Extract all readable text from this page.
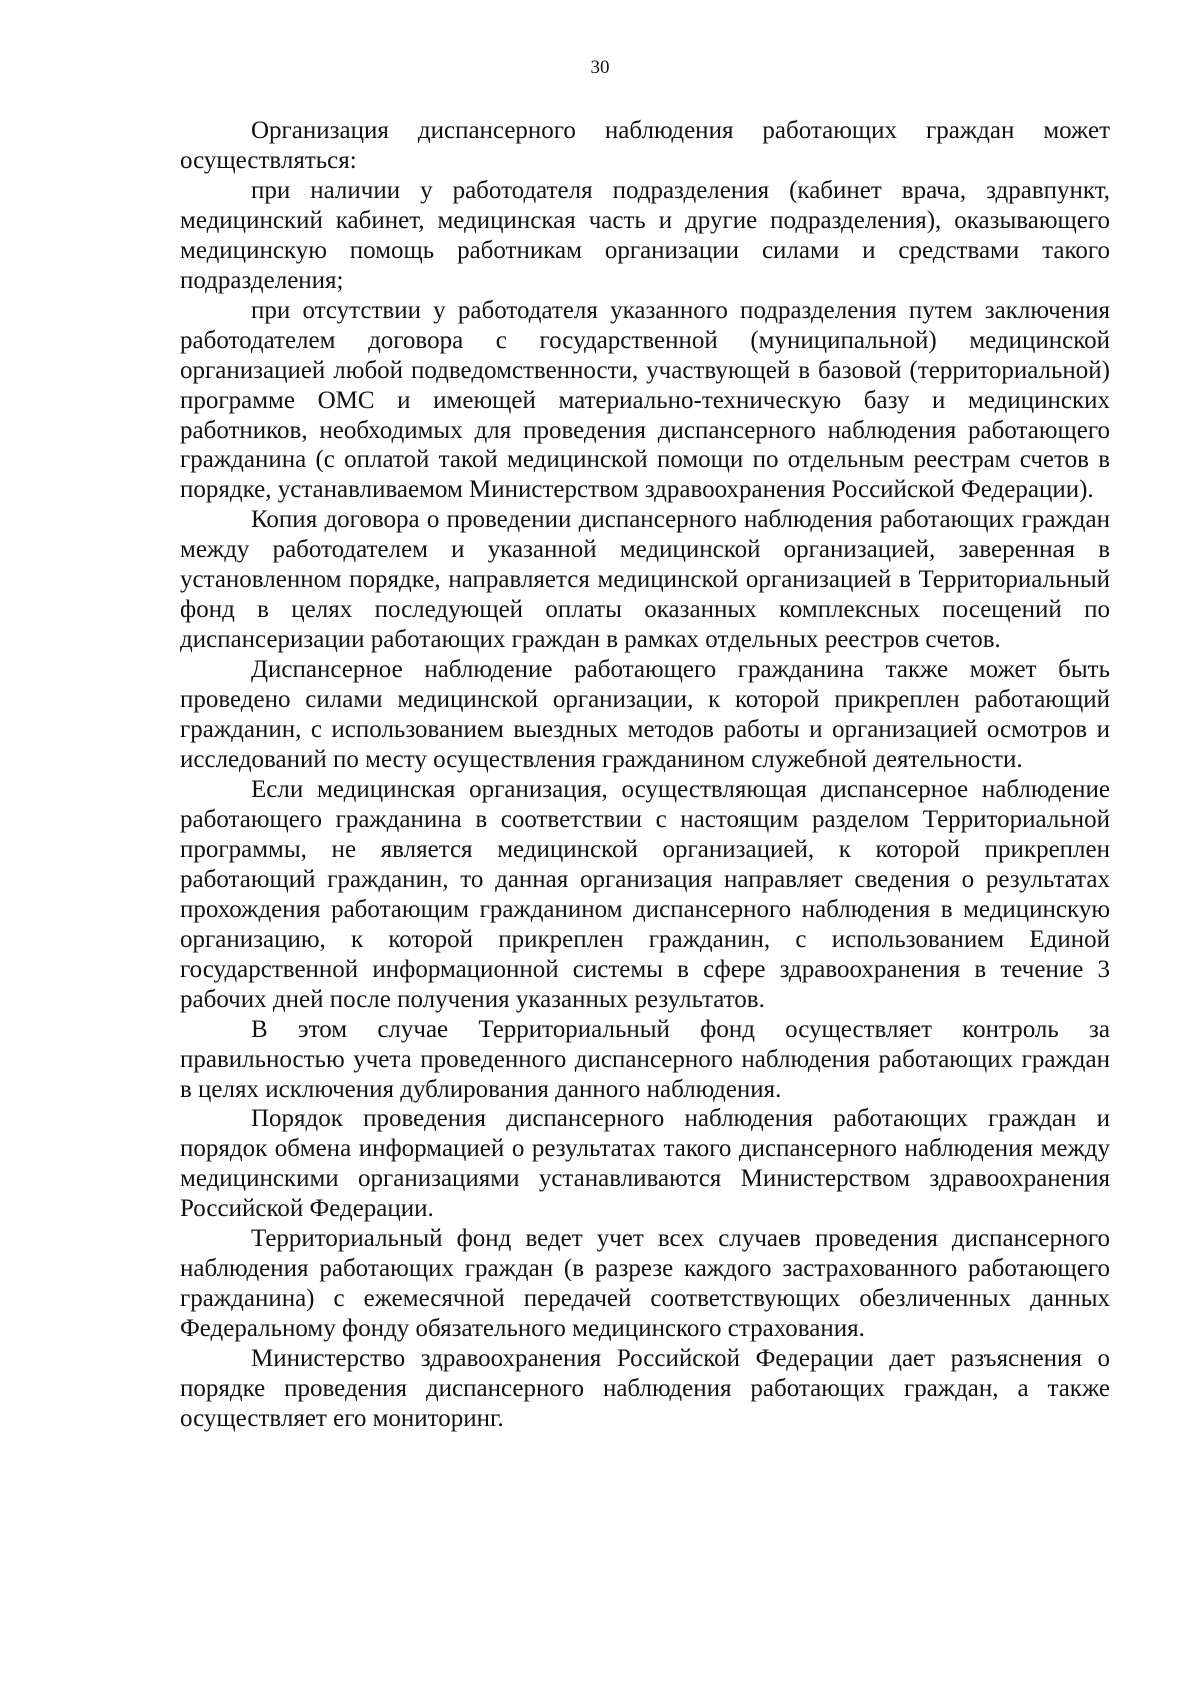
30

Организация диспансерного наблюдения работающих граждан может осуществляться:

при наличии у работодателя подразделения (кабинет врача, здравпункт, медицинский кабинет, медицинская часть и другие подразделения), оказывающего медицинскую помощь работникам организации силами и средствами такого подразделения;

при отсутствии у работодателя указанного подразделения путем заключения работодателем договора с государственной (муниципальной) медицинской организацией любой подведомственности, участвующей в базовой (территориальной) программе ОМС и имеющей материально-техническую базу и медицинских работников, необходимых для проведения диспансерного наблюдения работающего гражданина (с оплатой такой медицинской помощи по отдельным реестрам счетов в порядке, устанавливаемом Министерством здравоохранения Российской Федерации).

Копия договора о проведении диспансерного наблюдения работающих граждан между работодателем и указанной медицинской организацией, заверенная в установленном порядке, направляется медицинской организацией в Территориальный фонд в целях последующей оплаты оказанных комплексных посещений по диспансеризации работающих граждан в рамках отдельных реестров счетов.

Диспансерное наблюдение работающего гражданина также может быть проведено силами медицинской организации, к которой прикреплен работающий гражданин, с использованием выездных методов работы и организацией осмотров и исследований по месту осуществления гражданином служебной деятельности.

Если медицинская организация, осуществляющая диспансерное наблюдение работающего гражданина в соответствии с настоящим разделом Территориальной программы, не является медицинской организацией, к которой прикреплен работающий гражданин, то данная организация направляет сведения о результатах прохождения работающим гражданином диспансерного наблюдения в медицинскую организацию, к которой прикреплен гражданин, с использованием Единой государственной информационной системы в сфере здравоохранения в течение 3 рабочих дней после получения указанных результатов.

В этом случае Территориальный фонд осуществляет контроль за правильностью учета проведенного диспансерного наблюдения работающих граждан в целях исключения дублирования данного наблюдения.

Порядок проведения диспансерного наблюдения работающих граждан и порядок обмена информацией о результатах такого диспансерного наблюдения между медицинскими организациями устанавливаются Министерством здравоохранения Российской Федерации.

Территориальный фонд ведет учет всех случаев проведения диспансерного наблюдения работающих граждан (в разрезе каждого застрахованного работающего гражданина) с ежемесячной передачей соответствующих обезличенных данных Федеральному фонду обязательного медицинского страхования.

Министерство здравоохранения Российской Федерации дает разъяснения о порядке проведения диспансерного наблюдения работающих граждан, а также осуществляет его мониторинг.
